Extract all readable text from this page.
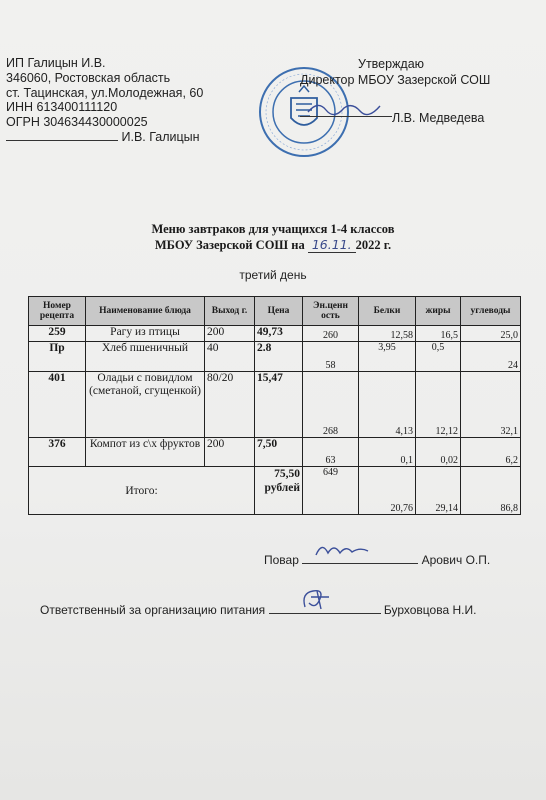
ИП Галицын И.В.
346060, Ростовская область
ст. Тацинская, ул.Молодежная, 60
ИНН 613400111120
ОГРН 304634430000025
И.В. Галицын
Утверждаю
Директор МБОУ Зазерской СОШ
Л.В. Медведева
Меню завтраков для учащихся 1-4 классов
МБОУ Зазерской СОШ на 16.11. 2022 г.
третий день
Номер рецепта	Наименование блюда	Выход г.	Цена	Эн.ценн ость	Белки	жиры	углеводы
259	Рагу из птицы	200	49,73	260	12,58	16,5	25,0
Пр	Хлеб пшеничный	40	2.8	58	3,95	0,5	24
401	Оладьи с повидлом (сметаной, сгущенкой)	80/20	15,47	268	4,13	12,12	32,1
376	Компот из с\х фруктов	200	7,50	63	0,1	0,02	6,2
Итого:			75,50 рублей	649	20,76	29,14	86,8
Повар	Арович О.П.
Ответственный за организацию питания	Бурховцова Н.И.
